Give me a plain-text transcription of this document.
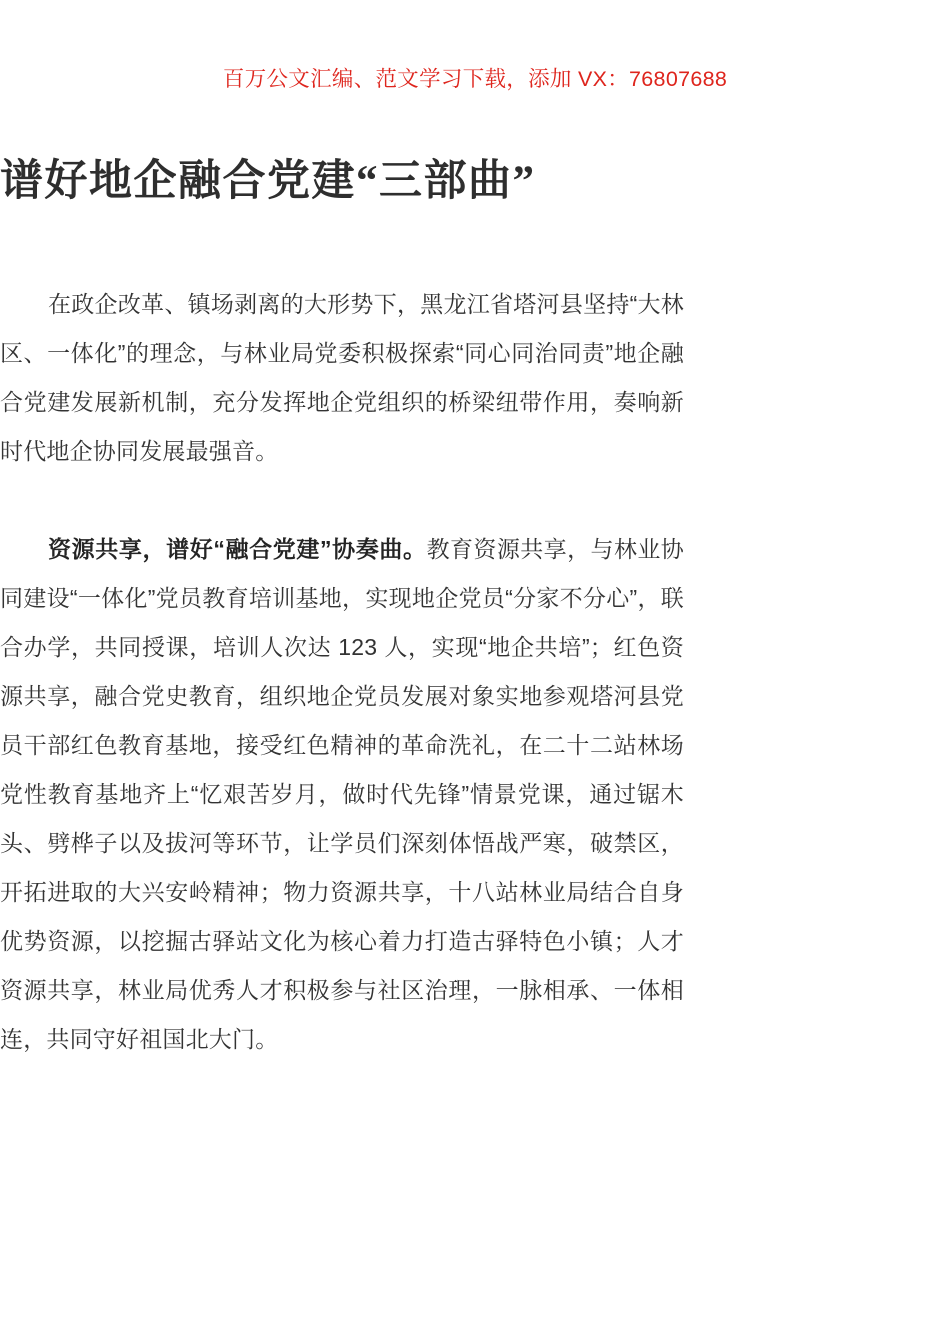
百万公文汇编、范文学习下载，添加 VX：76807688
谱好地企融合党建“三部曲”

在政企改革、镇场剥离的大形势下，黑龙江省塔河县坚持“大林区、一体化”的理念，与林业局党委积极探索“同心同治同责”地企融合党建发展新机制，充分发挥地企党组织的桥梁纽带作用，奏响新时代地企协同发展最强音。

资源共享，谱好“融合党建”协奏曲。教育资源共享，与林业协同建设“一体化”党员教育培训基地，实现地企党员“分家不分心”，联合办学，共同授课，培训人次达 123 人，实现“地企共培”；红色资源共享，融合党史教育，组织地企党员发展对象实地参观塔河县党员干部红色教育基地，接受红色精神的革命洗礼，在二十二站林场党性教育基地齐上“忆艰苦岁月，做时代先锋”情景党课，通过锯木头、劈桦子以及拔河等环节，让学员们深刻体悟战严寒，破禁区，开拓进取的大兴安岭精神；物力资源共享，十八站林业局结合自身优势资源，以挖掘古驿站文化为核心着力打造古驿特色小镇；人才资源共享，林业局优秀人才积极参与社区治理，一脉相承、一体相连，共同守好祖国北大门。
